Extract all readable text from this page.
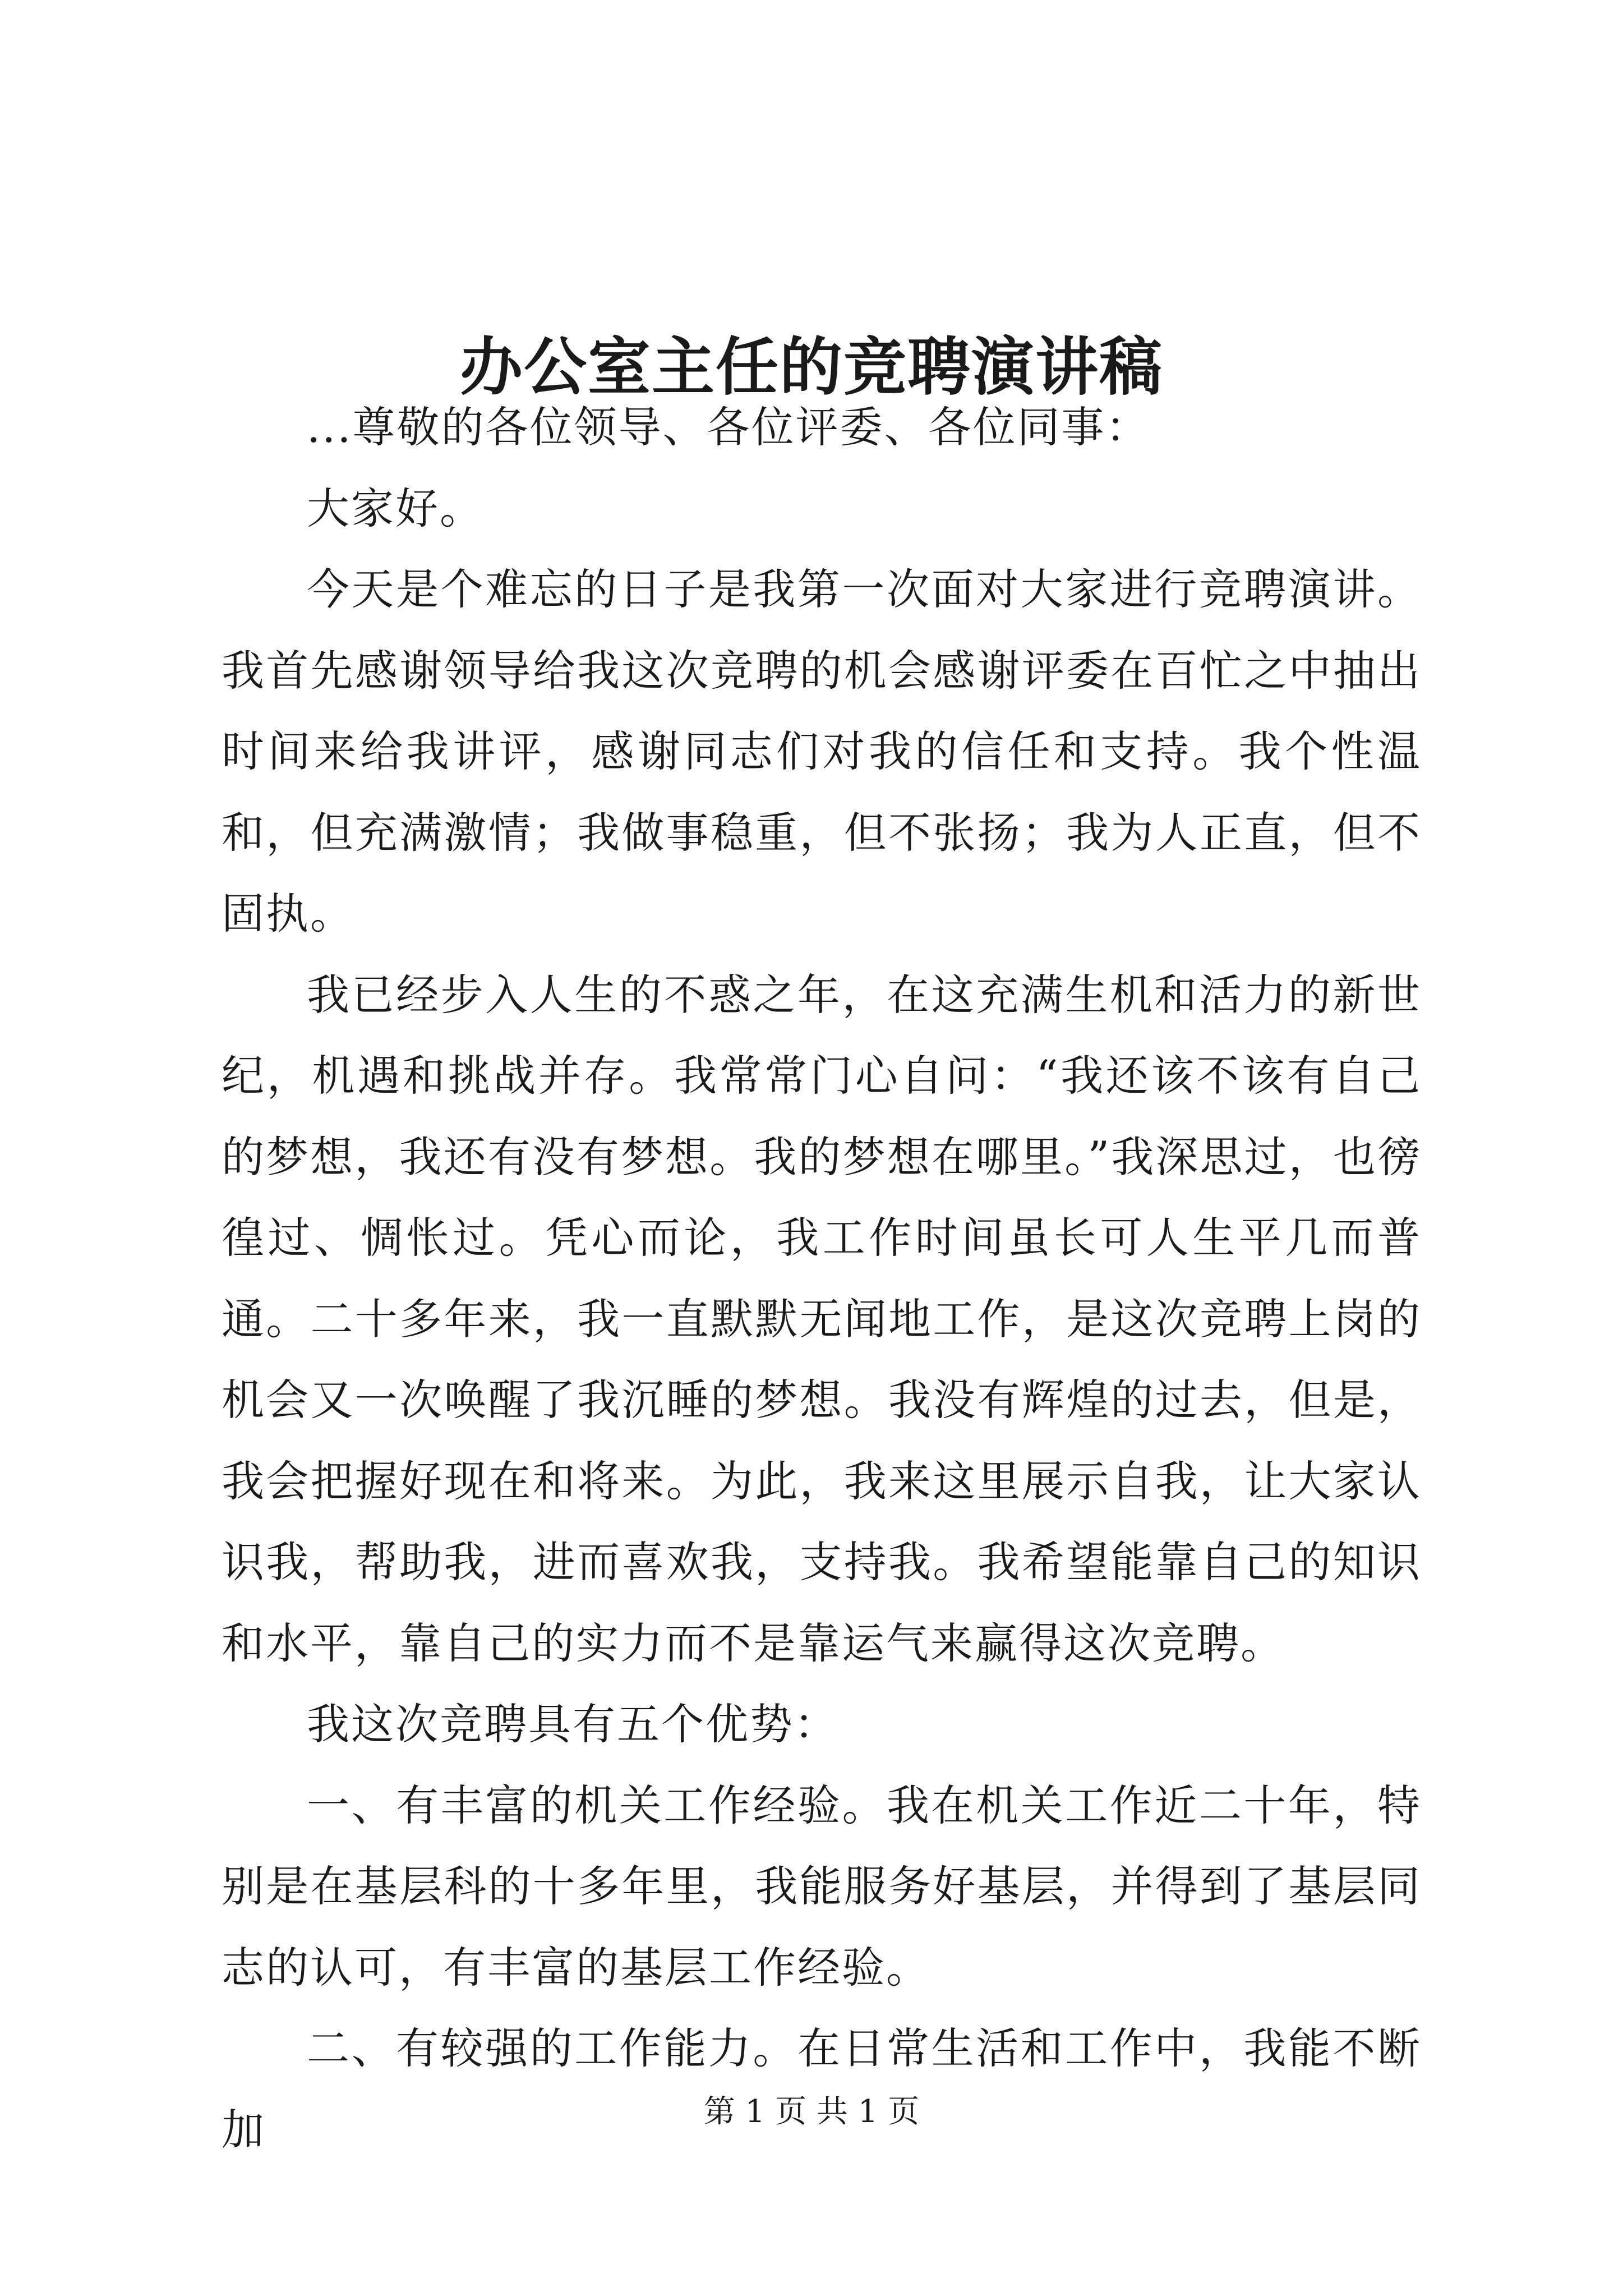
办公室主任的竞聘演讲稿

...尊敬的各位领导、各位评委、各位同事：

大家好。

今天是个难忘的日子是我第一次面对大家进行竞聘演讲。我首先感谢领导给我这次竞聘的机会感谢评委在百忙之中抽出时间来给我讲评，感谢同志们对我的信任和支持。我个性温和，但充满激情；我做事稳重，但不张扬；我为人正直，但不固执。

我已经步入人生的不惑之年，在这充满生机和活力的新世纪，机遇和挑战并存。我常常门心自问：“我还该不该有自己的梦想，我还有没有梦想。我的梦想在哪里。”我深思过，也徬徨过、惆怅过。凭心而论，我工作时间虽长可人生平几而普通。二十多年来，我一直默默无闻地工作，是这次竞聘上岗的机会又一次唤醒了我沉睡的梦想。我没有辉煌的过去，但是，我会把握好现在和将来。为此，我来这里展示自我，让大家认识我，帮助我，进而喜欢我，支持我。我希望能靠自己的知识和水平，靠自己的实力而不是靠运气来赢得这次竞聘。

我这次竞聘具有五个优势：

一、有丰富的机关工作经验。我在机关工作近二十年，特别是在基层科的十多年里，我能服务好基层，并得到了基层同志的认可，有丰富的基层工作经验。

二、有较强的工作能力。在日常生活和工作中，我能不断加	第 1 页 共 1 页
